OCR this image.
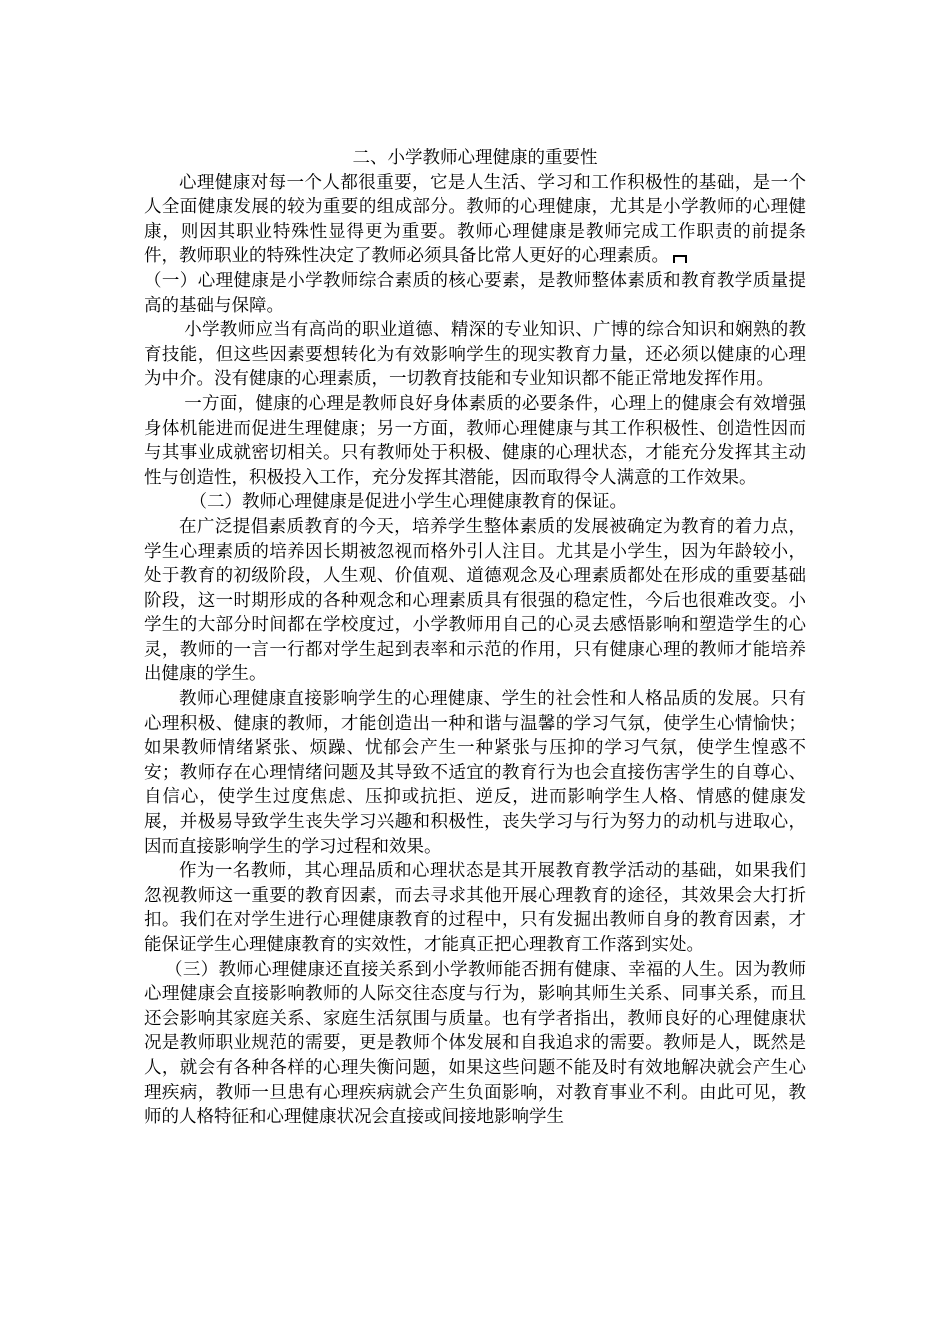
二、小学教师心理健康的重要性

心理健康对每一个人都很重要，它是人生活、学习和工作积极性的基础，是一个人全面健康发展的较为重要的组成部分。教师的心理健康，尤其是小学教师的心理健康，则因其职业特殊性显得更为重要。教师心理健康是教师完成工作职责的前提条件，教师职业的特殊性决定了教师必须具备比常人更好的心理素质。

（一）心理健康是小学教师综合素质的核心要素，是教师整体素质和教育教学质量提高的基础与保障。

小学教师应当有高尚的职业道德、精深的专业知识、广博的综合知识和娴熟的教育技能，但这些因素要想转化为有效影响学生的现实教育力量，还必须以健康的心理为中介。没有健康的心理素质，一切教育技能和专业知识都不能正常地发挥作用。

一方面，健康的心理是教师良好身体素质的必要条件，心理上的健康会有效增强身体机能进而促进生理健康；另一方面，教师心理健康与其工作积极性、创造性因而与其事业成就密切相关。只有教师处于积极、健康的心理状态，才能充分发挥其主动性与创造性，积极投入工作，充分发挥其潜能，因而取得令人满意的工作效果。

（二）教师心理健康是促进小学生心理健康教育的保证。

在广泛提倡素质教育的今天，培养学生整体素质的发展被确定为教育的着力点，学生心理素质的培养因长期被忽视而格外引人注目。尤其是小学生，因为年龄较小，处于教育的初级阶段，人生观、价值观、道德观念及心理素质都处在形成的重要基础阶段，这一时期形成的各种观念和心理素质具有很强的稳定性，今后也很难改变。小学生的大部分时间都在学校度过，小学教师用自己的心灵去感悟影响和塑造学生的心灵，教师的一言一行都对学生起到表率和示范的作用，只有健康心理的教师才能培养出健康的学生。

教师心理健康直接影响学生的心理健康、学生的社会性和人格品质的发展。只有心理积极、健康的教师，才能创造出一种和谐与温馨的学习气氛，使学生心情愉快；如果教师情绪紧张、烦躁、忧郁会产生一种紧张与压抑的学习气氛，使学生惶惑不安；教师存在心理情绪问题及其导致不适宜的教育行为也会直接伤害学生的自尊心、自信心，使学生过度焦虑、压抑或抗拒、逆反，进而影响学生人格、情感的健康发展，并极易导致学生丧失学习兴趣和积极性，丧失学习与行为努力的动机与进取心，因而直接影响学生的学习过程和效果。

作为一名教师，其心理品质和心理状态是其开展教育教学活动的基础，如果我们忽视教师这一重要的教育因素，而去寻求其他开展心理教育的途径，其效果会大打折扣。我们在对学生进行心理健康教育的过程中，只有发掘出教师自身的教育因素，才能保证学生心理健康教育的实效性，才能真正把心理教育工作落到实处。

（三）教师心理健康还直接关系到小学教师能否拥有健康、幸福的人生。因为教师心理健康会直接影响教师的人际交往态度与行为，影响其师生关系、同事关系，而且还会影响其家庭关系、家庭生活氛围与质量。也有学者指出，教师良好的心理健康状况是教师职业规范的需要，更是教师个体发展和自我追求的需要。教师是人，既然是人，就会有各种各样的心理失衡问题，如果这些问题不能及时有效地解决就会产生心理疾病，教师一旦患有心理疾病就会产生负面影响，对教育事业不利。由此可见，教师的人格特征和心理健康状况会直接或间接地影响学生
